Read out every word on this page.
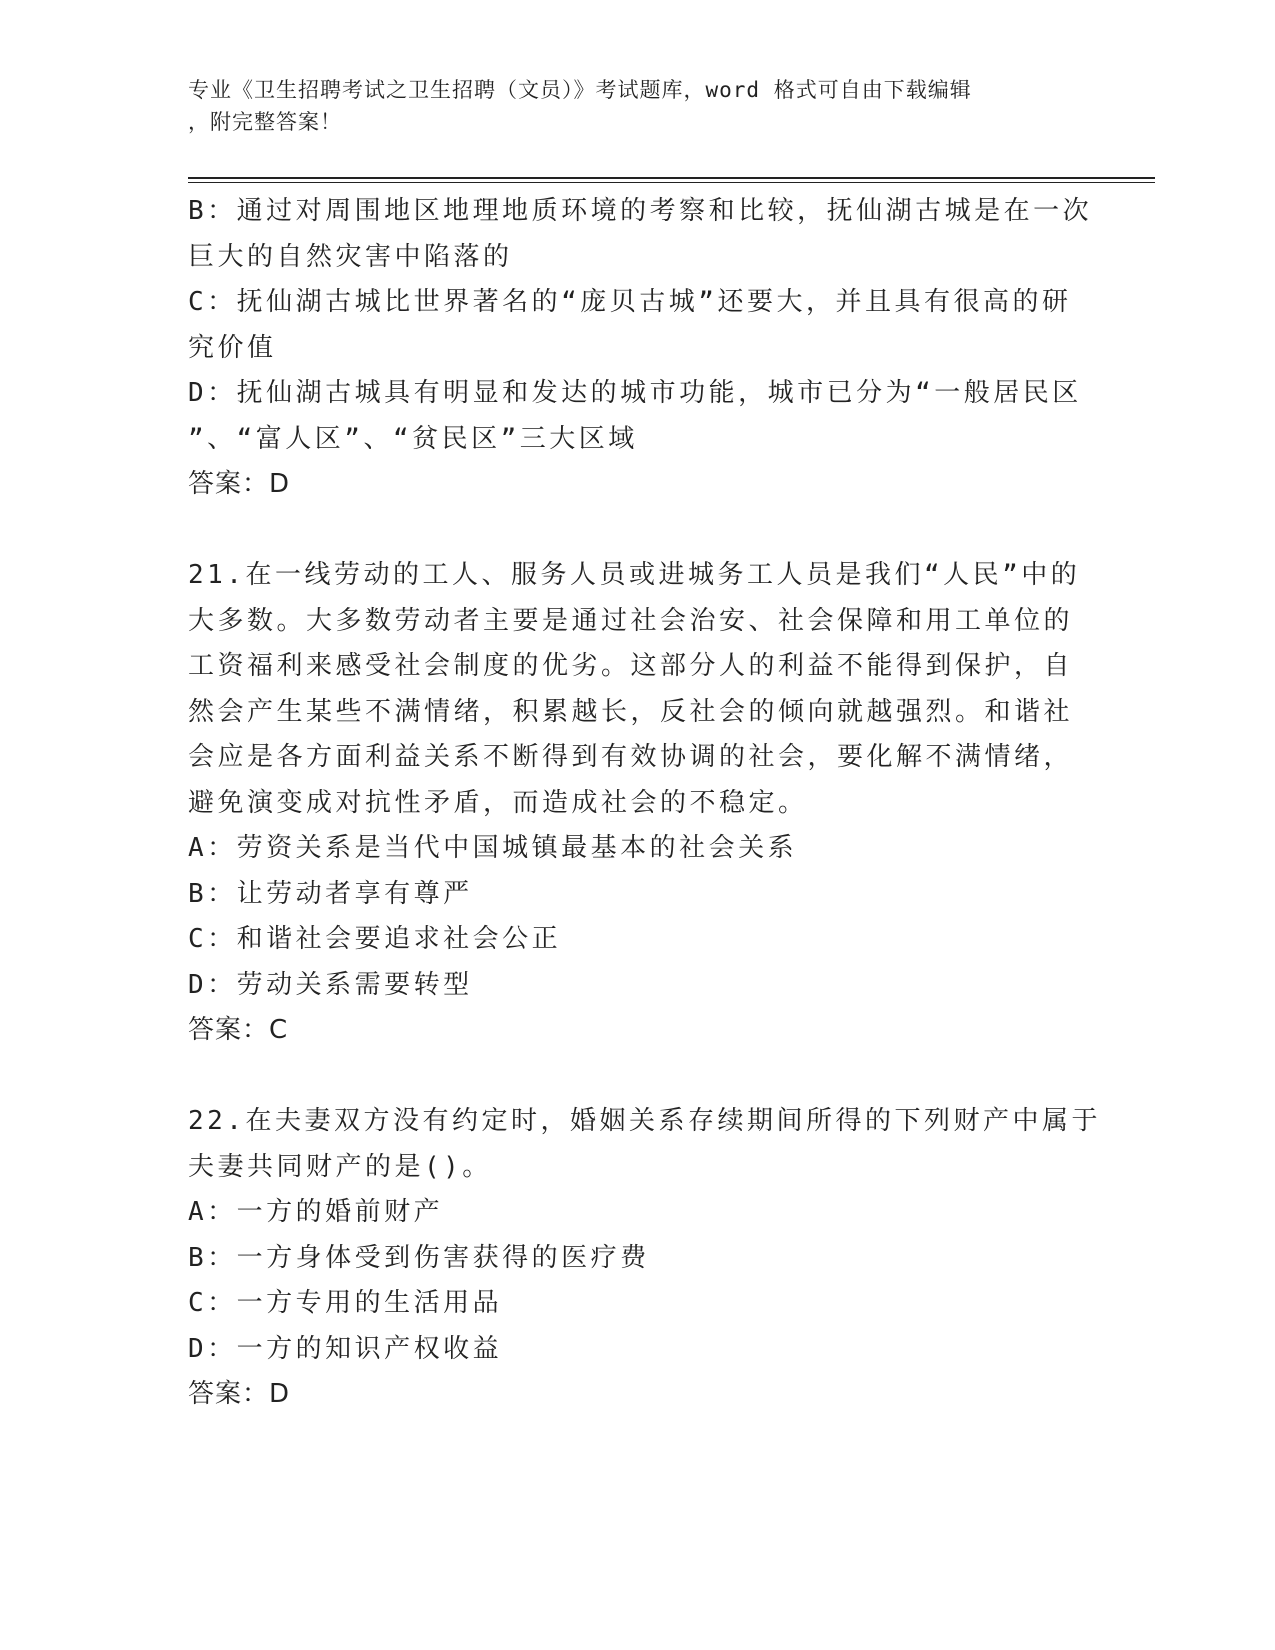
专业《卫生招聘考试之卫生招聘（文员）》考试题库，word 格式可自由下载编辑
，附完整答案！
B：通过对周围地区地理地质环境的考察和比较，抚仙湖古城是在一次
巨大的自然灾害中陷落的
C：抚仙湖古城比世界著名的“庞贝古城”还要大，并且具有很高的研
究价值
D：抚仙湖古城具有明显和发达的城市功能，城市已分为“一般居民区
”、“富人区”、“贫民区”三大区域
答案：D
21.在一线劳动的工人、服务人员或进城务工人员是我们“人民”中的
大多数。大多数劳动者主要是通过社会治安、社会保障和用工单位的
工资福利来感受社会制度的优劣。这部分人的利益不能得到保护，自
然会产生某些不满情绪，积累越长，反社会的倾向就越强烈。和谐社
会应是各方面利益关系不断得到有效协调的社会，要化解不满情绪，
避免演变成对抗性矛盾，而造成社会的不稳定。
A：劳资关系是当代中国城镇最基本的社会关系
B：让劳动者享有尊严
C：和谐社会要追求社会公正
D：劳动关系需要转型
答案：C
22.在夫妻双方没有约定时，婚姻关系存续期间所得的下列财产中属于
夫妻共同财产的是()。
A：一方的婚前财产
B：一方身体受到伤害获得的医疗费
C：一方专用的生活用品
D：一方的知识产权收益
答案：D
